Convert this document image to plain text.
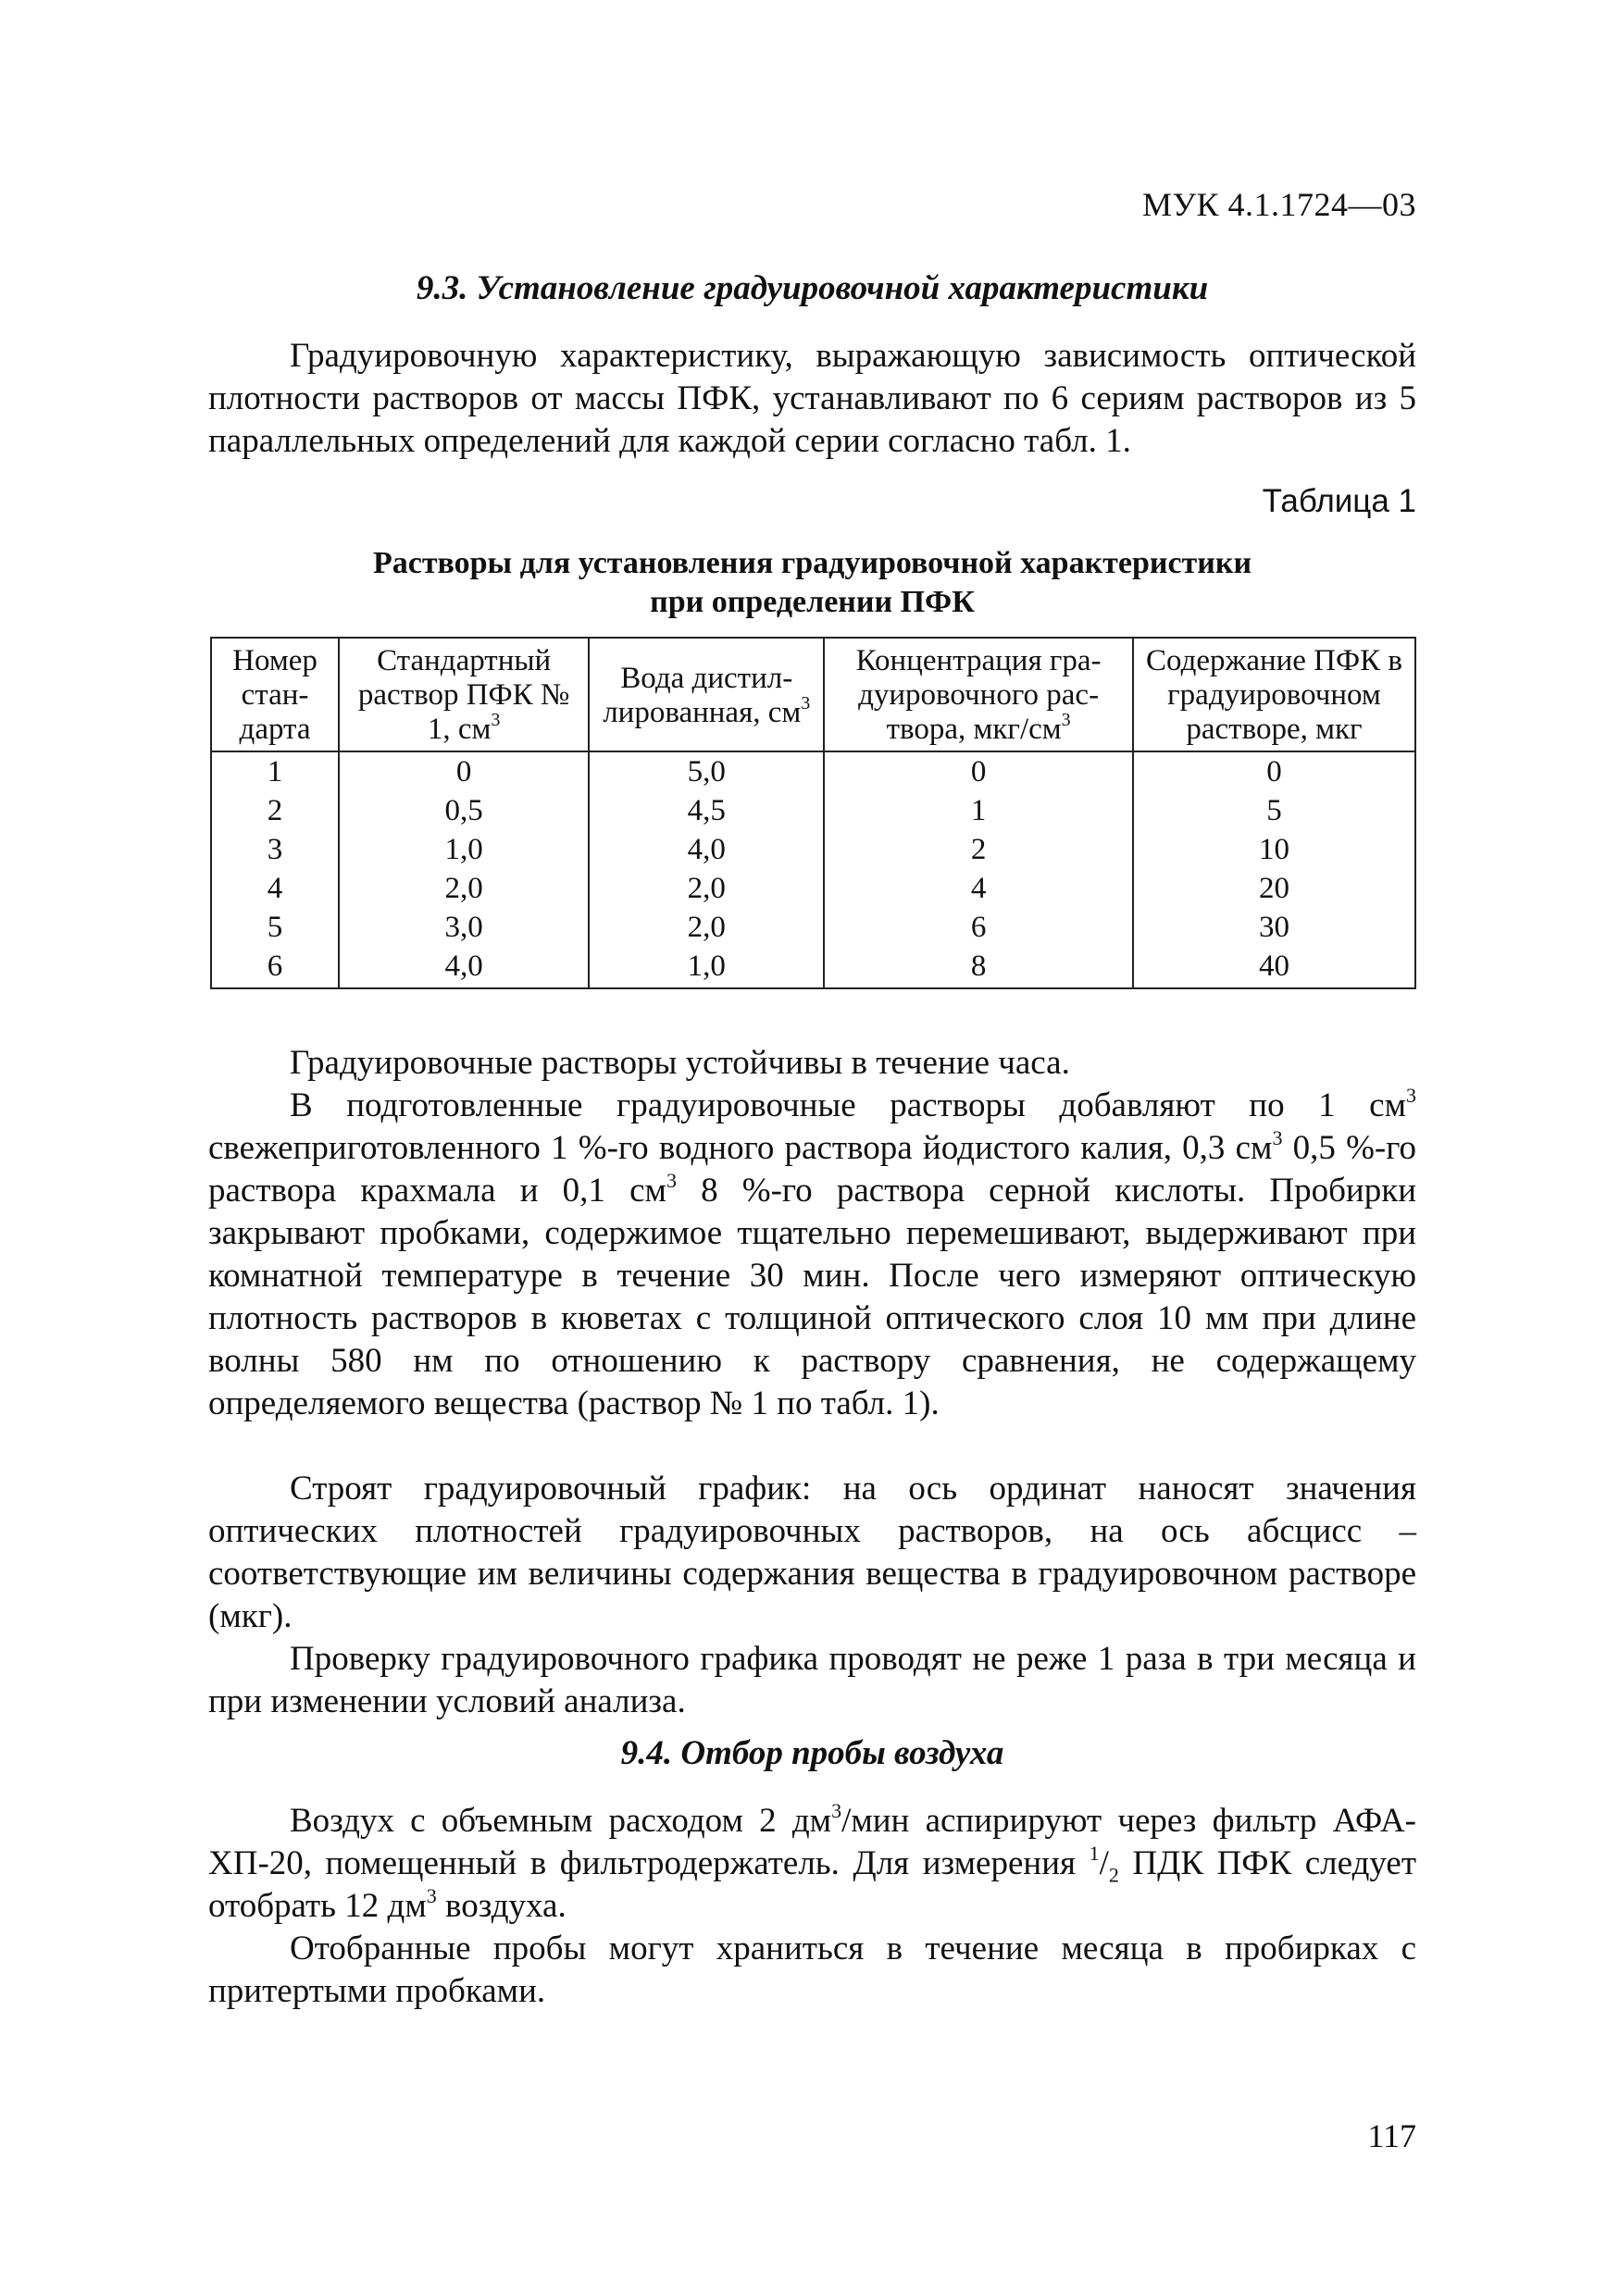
МУК 4.1.1724—03
9.3. Установление градуировочной характеристики
Градуировочную характеристику, выражающую зависимость оптической плотности растворов от массы ПФК, устанавливают по 6 сериям растворов из 5 параллельных определений для каждой серии согласно табл. 1.
Таблица 1
Растворы для установления градуировочной характеристики
при определении ПФК
Номер стан-дарта	Стандартный раствор ПФК № 1, $см^3$	Вода дистил-лированная, $см^3$	Концентрация гра-дуировочного рас-твора, мкг/$см^3$	Содержание ПФК в градуировочном растворе, мкг
1	0	5,0	0	0
2	0,5	4,5	1	5
3	1,0	4,0	2	10
4	2,0	2,0	4	20
5	3,0	2,0	6	30
6	4,0	1,0	8	40
Градуировочные растворы устойчивы в течение часа.
В подготовленные градуировочные растворы добавляют по 1 $см^3$ свежеприготовленного 1 %-го водного раствора йодистого калия, 0,3 $см^3$ 0,5 %-го раствора крахмала и 0,1 $см^3$ 8 %-го раствора серной кислоты. Пробирки закрывают пробками, содержимое тщательно перемешивают, выдерживают при комнатной температуре в течение 30 мин. После чего измеряют оптическую плотность растворов в кюветах с толщиной оптического слоя 10 мм при длине волны 580 нм по отношению к раствору сравнения, не содержащему определяемого вещества (раствор № 1 по табл. 1).
Строят градуировочный график: на ось ординат наносят значения оптических плотностей градуировочных растворов, на ось абсцисс – соответствующие им величины содержания вещества в градуировочном растворе (мкг).
Проверку градуировочного графика проводят не реже 1 раза в три месяца и при изменении условий анализа.
9.4. Отбор пробы воздуха
Воздух с объемным расходом 2 $дм^3$/мин аспирируют через фильтр АФА-ХП-20, помещенный в фильтродержатель. Для измерения $^1/_2$ ПДК ПФК следует отобрать 12 $дм^3$ воздуха.
Отобранные пробы могут храниться в течение месяца в пробирках с притертыми пробками.
117
